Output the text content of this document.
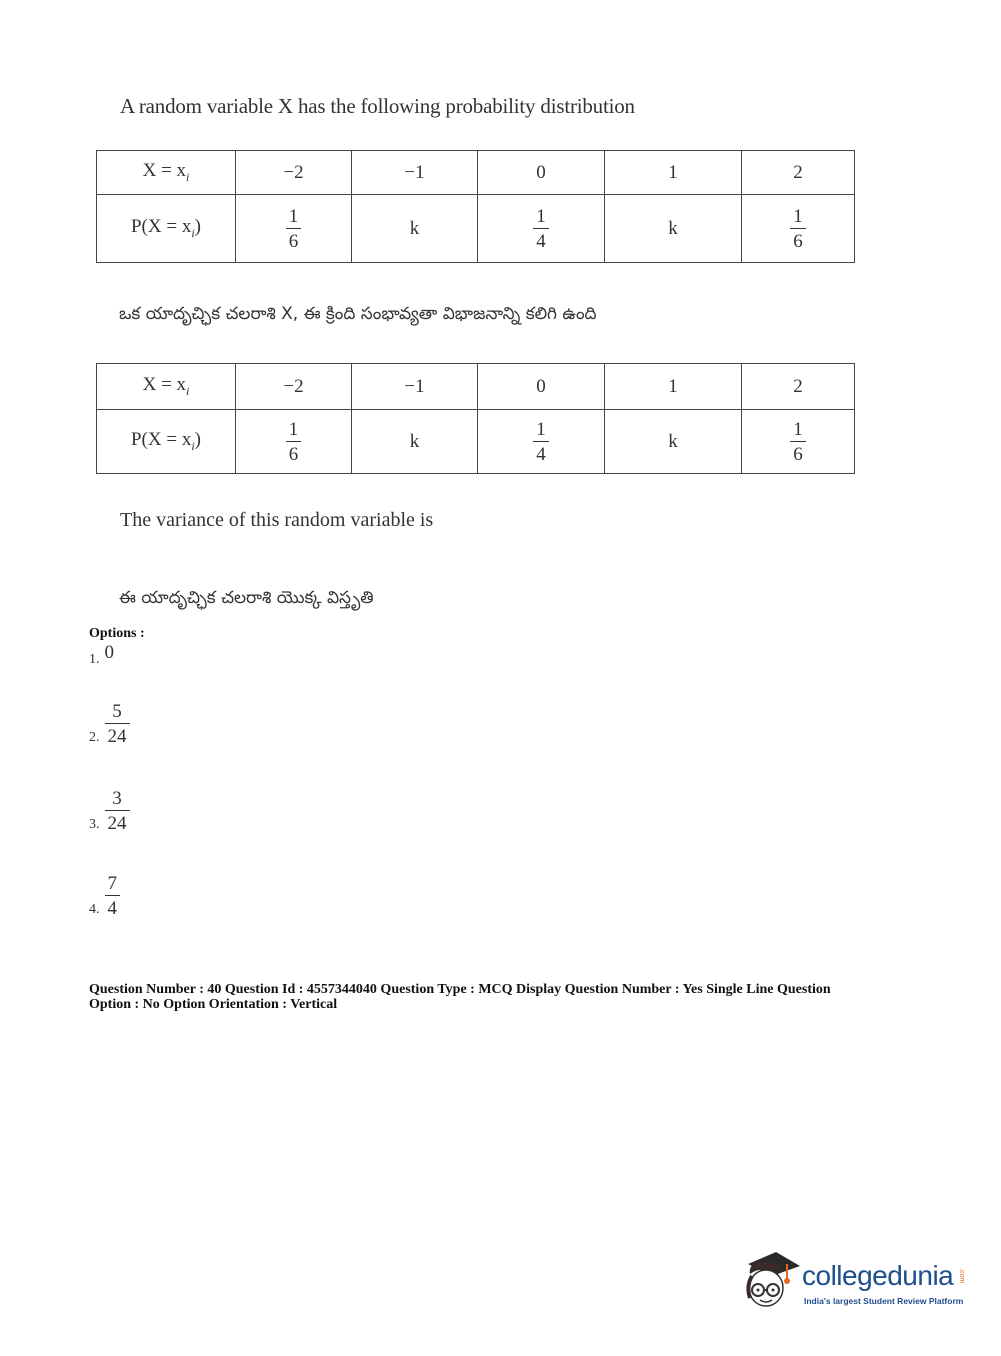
A random variable X has the following probability distribution
$X = x_i$	−2	−1	0	1	2
$P(X = x_i)$	$\frac{1}{6}$	k	$\frac{1}{4}$	k	$\frac{1}{6}$
ఒక యాదృచ్ఛిక చలరాశి X, ఈ క్రింది సంభావ్యతా విభాజనాన్ని కలిగి ఉంది
$X = x_i$	−2	−1	0	1	2
$P(X = x_i)$	$\frac{1}{6}$	k	$\frac{1}{4}$	k	$\frac{1}{6}$
The variance of this random variable is
ఈ యాదృచ్ఛిక చలరాశి యొక్క విస్తృతి
Options :
1. 0
2. $\frac{5}{24}$
3. $\frac{3}{24}$
4. $\frac{7}{4}$
Question Number : 40 Question Id : 4557344040 Question Type : MCQ Display Question Number : Yes Single Line Question
Option : No Option Orientation : Vertical
collegedunia .com
India's largest Student Review Platform
